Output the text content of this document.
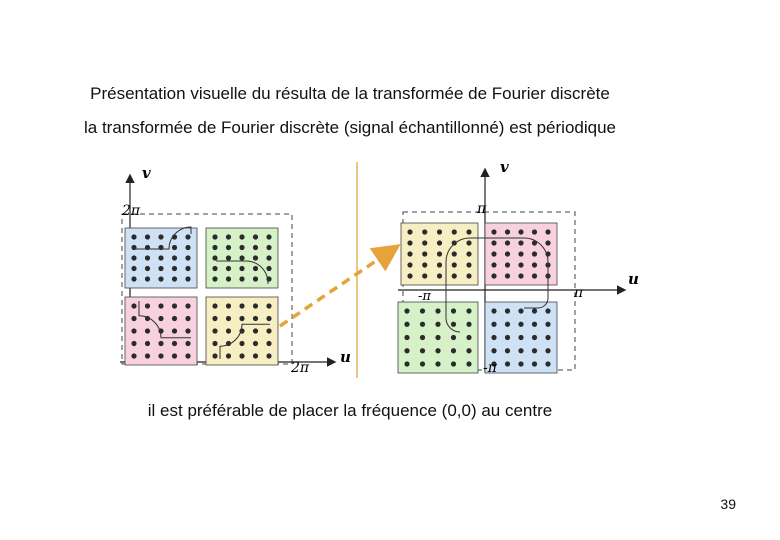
Présentation visuelle du résulta de la transformée de Fourier discrète
la transformée de Fourier discrète (signal échantillonné) est périodique
v
2π
u
2π
v
π
u
π
-π
-π
il est préférable de placer la fréquence (0,0) au centre
39
